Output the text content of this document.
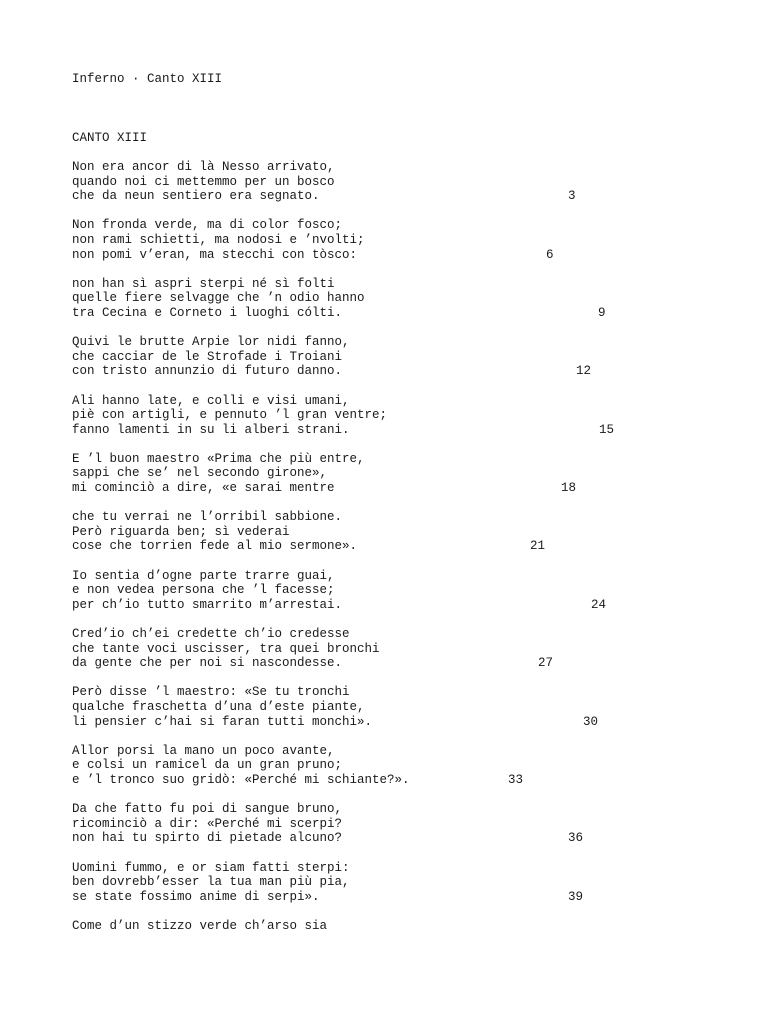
Inferno · Canto XIII
CANTO XIII
Non era ancor di là Nesso arrivato,
quando noi ci mettemmo per un bosco
che da neun sentiero era segnato.	3
Non fronda verde, ma di color fosco;
non rami schietti, ma nodosi e ’nvolti;
non pomi v’eran, ma stecchi con tòsco:	6
non han sì aspri sterpi né sì folti
quelle fiere selvagge che ’n odio hanno
tra Cecina e Corneto i luoghi cólti.	9
Quivi le brutte Arpie lor nidi fanno,
che cacciar de le Strofade i Troiani
con tristo annunzio di futuro danno.	12
Ali hanno late, e colli e visi umani,
piè con artigli, e pennuto ’l gran ventre;
fanno lamenti in su li alberi strani.	15
E ’l buon maestro «Prima che più entre,
sappi che se’ nel secondo girone»,
mi cominciò a dire, «e sarai mentre	18
che tu verrai ne l’orribil sabbione.
Però riguarda ben; sì vederai
cose che torrien fede al mio sermone».	21
Io sentia d’ogne parte trarre guai,
e non vedea persona che ’l facesse;
per ch’io tutto smarrito m’arrestai.	24
Cred’io ch’ei credette ch’io credesse
che tante voci uscisser, tra quei bronchi
da gente che per noi si nascondesse.	27
Però disse ’l maestro: «Se tu tronchi
qualche fraschetta d’una d’este piante,
li pensier c’hai si faran tutti monchi».	30
Allor porsi la mano un poco avante,
e colsi un ramicel da un gran pruno;
e ’l tronco suo gridò: «Perché mi schiante?».	33
Da che fatto fu poi di sangue bruno,
ricominciò a dir: «Perché mi scerpi?
non hai tu spirto di pietade alcuno?	36
Uomini fummo, e or siam fatti sterpi:
ben dovrebb’esser la tua man più pia,
se state fossimo anime di serpi».	39
Come d’un stizzo verde ch’arso sia
